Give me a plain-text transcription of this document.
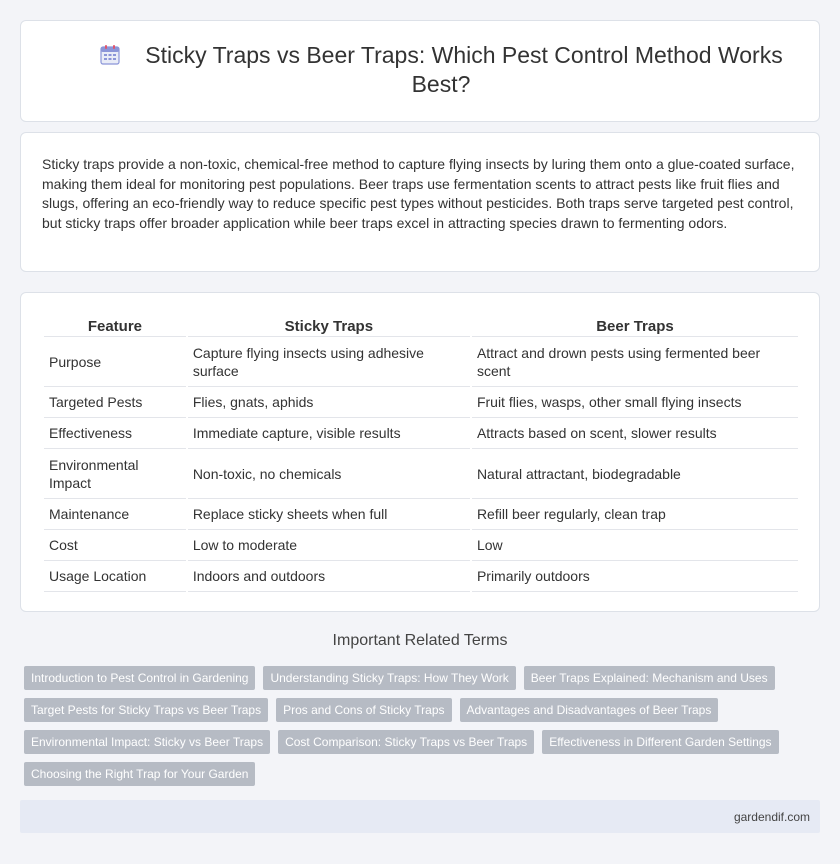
Sticky Traps vs Beer Traps: Which Pest Control Method Works Best?

Sticky traps provide a non-toxic, chemical-free method to capture flying insects by luring them onto a glue-coated surface, making them ideal for monitoring pest populations. Beer traps use fermentation scents to attract pests like fruit flies and slugs, offering an eco-friendly way to reduce specific pest types without pesticides. Both traps serve targeted pest control, but sticky traps offer broader application while beer traps excel in attracting species drawn to fermenting odors.

Feature	Sticky Traps	Beer Traps
Purpose	Capture flying insects using adhesive surface	Attract and drown pests using fermented beer scent
Targeted Pests	Flies, gnats, aphids	Fruit flies, wasps, other small flying insects
Effectiveness	Immediate capture, visible results	Attracts based on scent, slower results
Environmental Impact	Non-toxic, no chemicals	Natural attractant, biodegradable
Maintenance	Replace sticky sheets when full	Refill beer regularly, clean trap
Cost	Low to moderate	Low
Usage Location	Indoors and outdoors	Primarily outdoors
Important Related Terms
Introduction to Pest Control in Gardening	Understanding Sticky Traps: How They Work	Beer Traps Explained: Mechanism and Uses
Target Pests for Sticky Traps vs Beer Traps	Pros and Cons of Sticky Traps	Advantages and Disadvantages of Beer Traps
Environmental Impact: Sticky vs Beer Traps	Cost Comparison: Sticky Traps vs Beer Traps	Effectiveness in Different Garden Settings
Choosing the Right Trap for Your Garden
gardendif.com
